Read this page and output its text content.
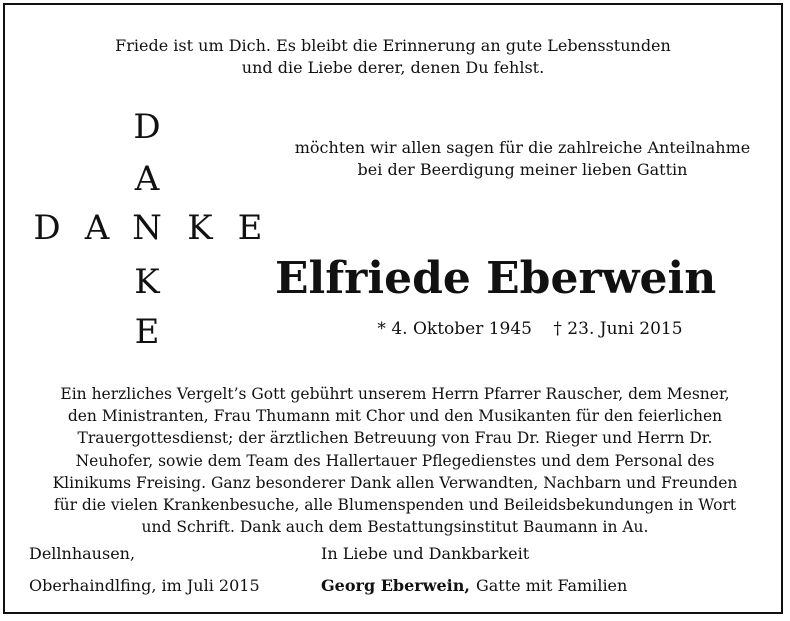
Friede ist um Dich. Es bleibt die Erinnerung an gute Lebensstunden
und die Liebe derer, denen Du fehlst.
D
A
K
E
D A N K E
möchten wir allen sagen für die zahlreiche Anteilnahme
bei der Beerdigung meiner lieben Gattin
Elfriede Eberwein
* 4. Oktober 1945 † 23. Juni 2015
Ein herzliches Vergelt’s Gott gebührt unserem Herrn Pfarrer Rauscher, dem Mesner,
den Ministranten, Frau Thumann mit Chor und den Musikanten für den feierlichen
Trauergottesdienst; der ärztlichen Betreuung von Frau Dr. Rieger und Herrn Dr.
Neuhofer, sowie dem Team des Hallertauer Pflegedienstes und dem Personal des
Klinikums Freising. Ganz besonderer Dank allen Verwandten, Nachbarn und Freunden
für die vielen Krankenbesuche, alle Blumenspenden und Beileidsbekundungen in Wort
und Schrift. Dank auch dem Bestattungsinstitut Baumann in Au.
Dellnhausen,
Oberhaindlfing, im Juli 2015
In Liebe und Dankbarkeit
Georg Eberwein, Gatte mit Familien
